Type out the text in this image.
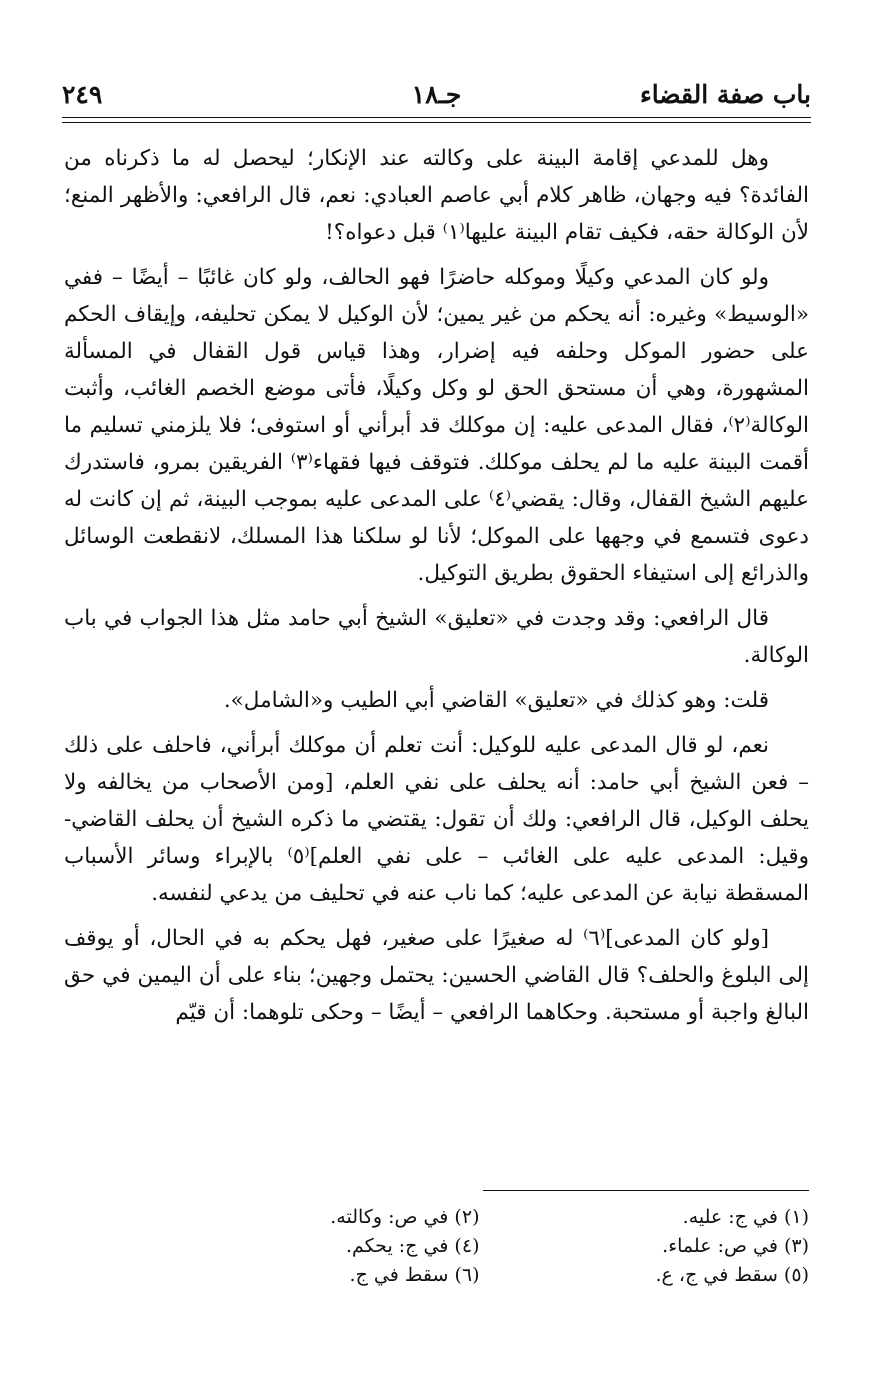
باب صفة القضاء
جـ١٨
٢٤٩

وهل للمدعي إقامة البينة على وكالته عند الإنكار؛ ليحصل له ما ذكرناه من الفائدة؟ فيه وجهان، ظاهر كلام أبي عاصم العبادي: نعم، قال الرافعي: والأظهر المنع؛ لأن الوكالة حقه، فكيف تقام البينة عليها⁽١⁾ قبل دعواه؟!

ولو كان المدعي وكيلًا وموكله حاضرًا فهو الحالف، ولو كان غائبًا – أيضًا – ففي «الوسيط» وغيره: أنه يحكم من غير يمين؛ لأن الوكيل لا يمكن تحليفه، وإيقاف الحكم على حضور الموكل وحلفه فيه إضرار، وهذا قياس قول القفال في المسألة المشهورة، وهي أن مستحق الحق لو وكل وكيلًا، فأتى موضع الخصم الغائب، وأثبت الوكالة⁽٢⁾، فقال المدعى عليه: إن موكلك قد أبرأني أو استوفى؛ فلا يلزمني تسليم ما أقمت البينة عليه ما لم يحلف موكلك. فتوقف فيها فقهاء⁽٣⁾ الفريقين بمرو، فاستدرك عليهم الشيخ القفال، وقال: يقضي⁽٤⁾ على المدعى عليه بموجب البينة، ثم إن كانت له دعوى فتسمع في وجهها على الموكل؛ لأنا لو سلكنا هذا المسلك، لانقطعت الوسائل والذرائع إلى استيفاء الحقوق بطريق التوكيل.

قال الرافعي: وقد وجدت في «تعليق» الشيخ أبي حامد مثل هذا الجواب في باب الوكالة.

قلت: وهو كذلك في «تعليق» القاضي أبي الطيب و«الشامل».

نعم، لو قال المدعى عليه للوكيل: أنت تعلم أن موكلك أبرأني، فاحلف على ذلك – فعن الشيخ أبي حامد: أنه يحلف على نفي العلم، [ومن الأصحاب من يخالفه ولا يحلف الوكيل، قال الرافعي: ولك أن تقول: يقتضي ما ذكره الشيخ أن يحلف القاضي- وقيل: المدعى عليه على الغائب – على نفي العلم]⁽٥⁾ بالإبراء وسائر الأسباب المسقطة نيابة عن المدعى عليه؛ كما ناب عنه في تحليف من يدعي لنفسه.

[ولو كان المدعى]⁽٦⁾ له صغيرًا على صغير، فهل يحكم به في الحال، أو يوقف إلى البلوغ والحلف؟ قال القاضي الحسين: يحتمل وجهين؛ بناء على أن اليمين في حق البالغ واجبة أو مستحبة. وحكاهما الرافعي – أيضًا – وحكى تلوهما: أن قيّم

(١) في ج: عليه.
(٢) في ص: وكالته.
(٣) في ص: علماء.
(٤) في ج: يحكم.
(٥) سقط في ج، ع.
(٦) سقط في ج.
